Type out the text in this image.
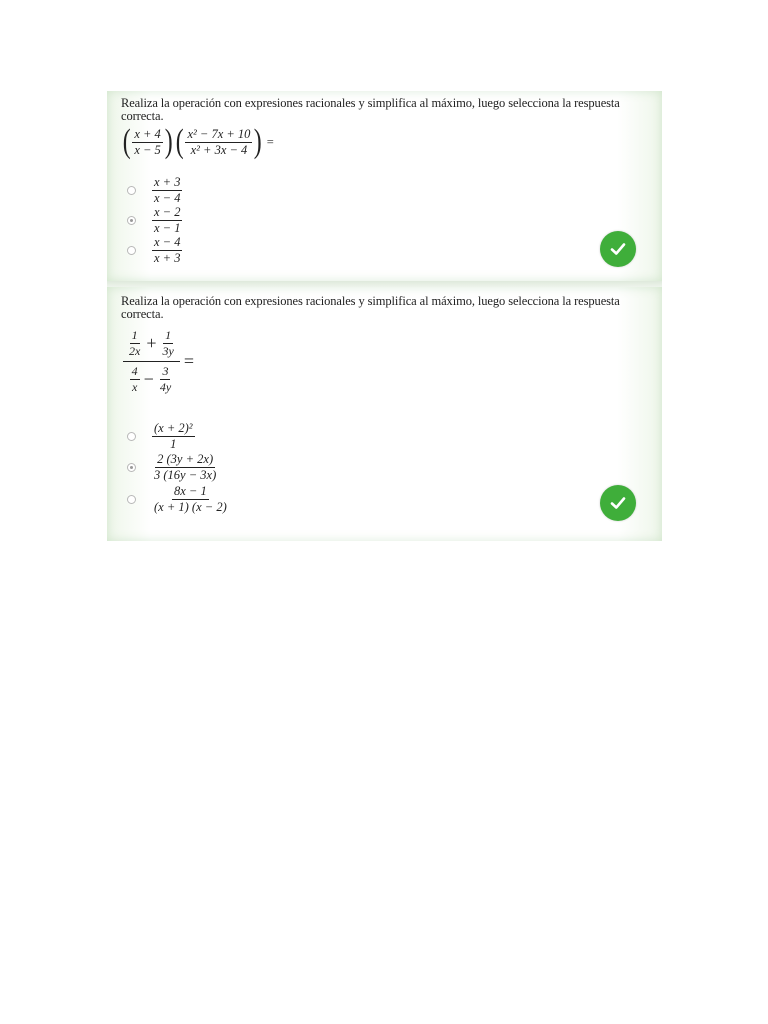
Realiza la operación con expresiones racionales y simplifica al máximo, luego selecciona la respuesta correcta.
( $\frac{x + 4}{x - 5}$ ) ( $\frac{\text{x² − 7x + 10}}{\text{x² + 3x − 4}}$ ) =
$\frac{x + 3}{x - 4}$
$\frac{x - 2}{x - 1}$
$\frac{x - 4}{x + 3}$
Realiza la operación con expresiones racionales y simplifica al máximo, luego selecciona la respuesta correcta.
$\frac{1}{2x} + \frac{1}{3y}$
$\frac{4}{x} - \frac{3}{4y}$
=
$\frac{\text{(x + 2)²}}{1}$
$\frac{2 (3y + 2x)}{3 (16y - 3x)}$
$\frac{8x - 1}{(x + 1) (x - 2)}$
